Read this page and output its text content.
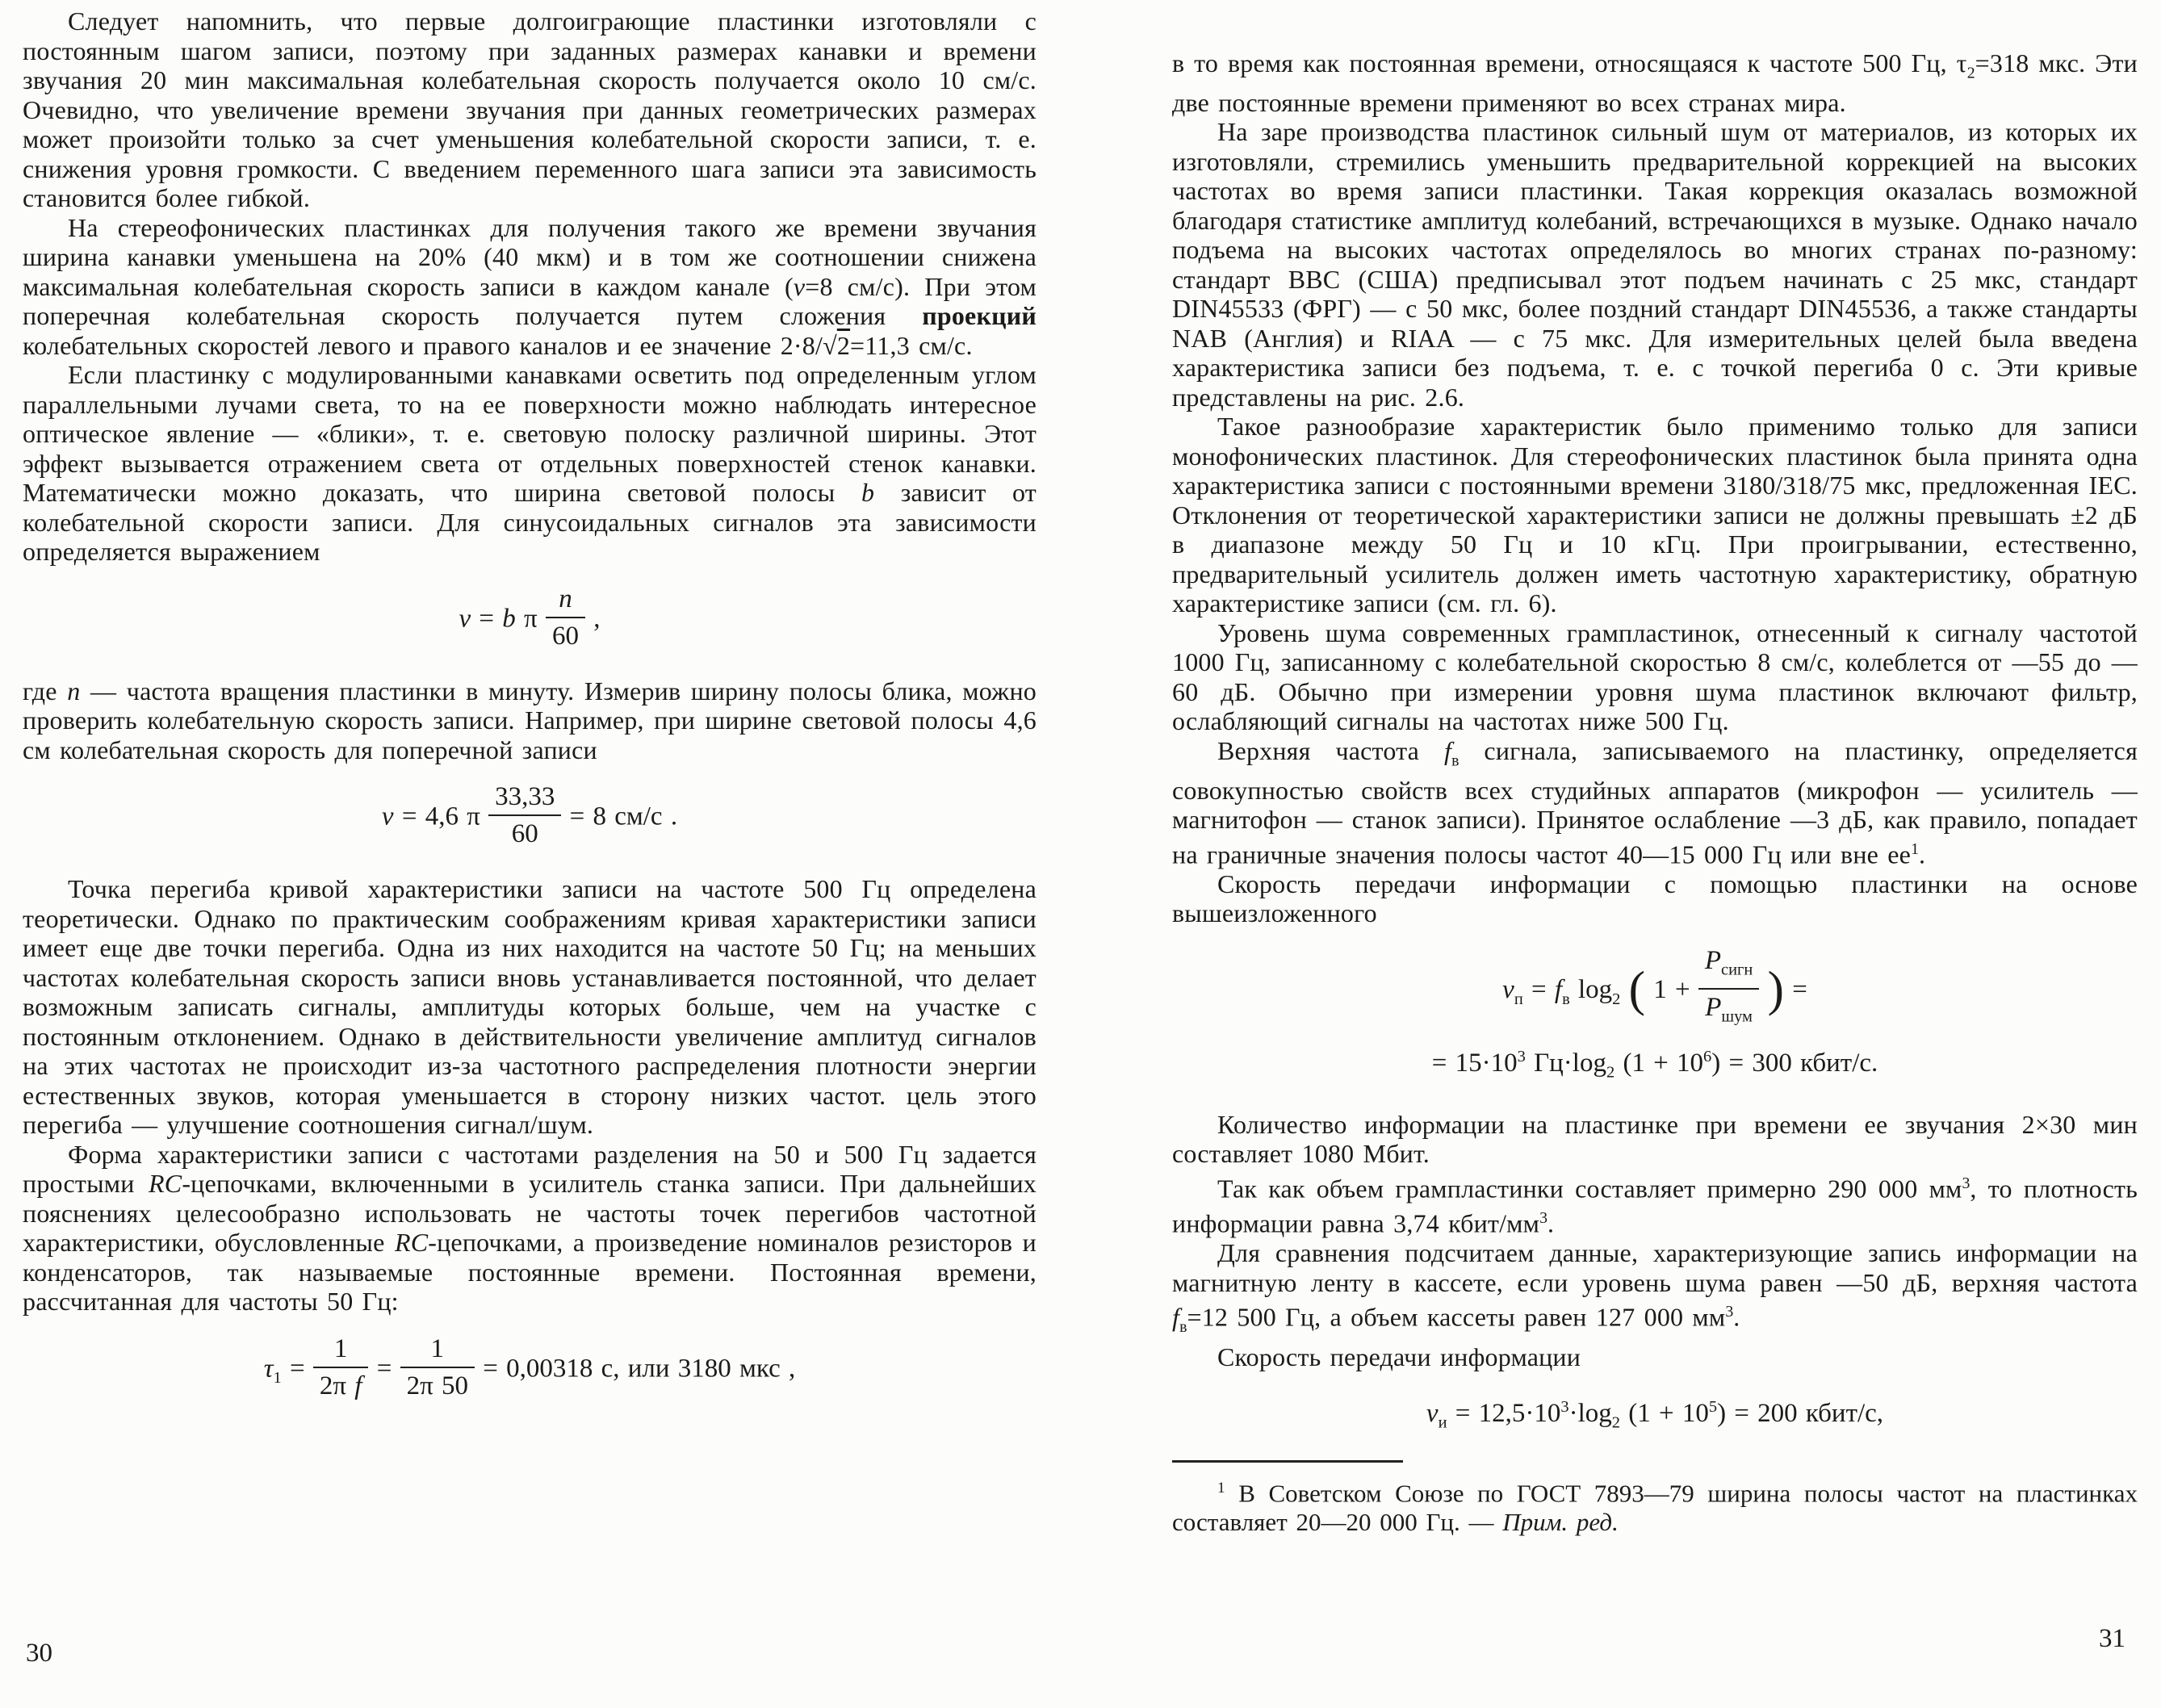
Следует напомнить, что первые долгоиграющие пластинки изготовляли с постоянным шагом записи, поэтому при заданных размерах канавки и времени звучания 20 мин максимальная колебательная скорость получается около 10 см/с. Очевидно, что увеличение времени звучания при данных геометрических размерах может произойти только за счет уменьшения колебательной скорости записи, т. е. снижения уровня громкости. С введением переменного шага записи эта зависимость становится более гибкой.

На стереофонических пластинках для получения такого же времени звучания ширина канавки уменьшена на 20% (40 мкм) и в том же соотношении снижена максимальная колебательная скорость записи в каждом канале (v=8 см/с). При этом поперечная колебательная скорость получается путем сложения проекций колебательных скоростей левого и правого каналов и ее значение 2·8/√2=11,3 см/с.

Если пластинку с модулированными канавками осветить под определенным углом параллельными лучами света, то на ее поверхности можно наблюдать интересное оптическое явление — «блики», т. е. световую полоску различной ширины. Этот эффект вызывается отражением света от отдельных поверхностей стенок канавки. Математически можно доказать, что ширина световой полосы b зависит от колебательной скорости записи. Для синусоидальных сигналов эта зависимости определяется выражением

v = b π $\frac{n}{60}$ ,

где n — частота вращения пластинки в минуту. Измерив ширину полосы блика, можно проверить колебательную скорость записи. Например, при ширине световой полосы 4,6 см колебательная скорость для поперечной записи

v = 4,6 π $\frac{33,33}{60} = 8$ см/с .

Точка перегиба кривой характеристики записи на частоте 500 Гц определена теоретически. Однако по практическим соображениям кривая характеристики записи имеет еще две точки перегиба. Одна из них находится на частоте 50 Гц; на меньших частотах колебательная скорость записи вновь устанавливается постоянной, что делает возможным записать сигналы, амплитуды которых больше, чем на участке с постоянным отклонением. Однако в действительности увеличение амплитуд сигналов на этих частотах не происходит из-за частотного распределения плотности энергии естественных звуков, которая уменьшается в сторону низких частот. цель этого перегиба — улучшение соотношения сигнал/шум.

Форма характеристики записи с частотами разделения на 50 и 500 Гц задается простыми RC-цепочками, включенными в усилитель станка записи. При дальнейших пояснениях целесообразно использовать не частоты точек перегибов частотной характеристики, обусловленные RC-цепочками, а произведение номиналов резисторов и конденсаторов, так называемые постоянные времени. Постоянная времени, рассчитанная для частоты 50 Гц:

$\tau_1 = \frac{1}{\text{2π f}} = \frac{1}{2\pi 50} = 0,00318$ с, или 3180 мкс ,

в то время как постоянная времени, относящаяся к частоте 500 Гц, $\tau_2=318$ мкс. Эти две постоянные времени применяют во всех странах мира.

На заре производства пластинок сильный шум от материалов, из которых их изготовляли, стремились уменьшить предварительной коррекцией на высоких частотах во время записи пластинки. Такая коррекция оказалась возможной благодаря статистике амплитуд колебаний, встречающихся в музыке. Однако начало подъема на высоких частотах определялось во многих странах по-разному: стандарт BBC (США) предписывал этот подъем начинать с 25 мкс, стандарт DIN45533 (ФРГ) — с 50 мкс, более поздний стандарт DIN45536, а также стандарты NAB (Англия) и RIAA — с 75 мкс. Для измерительных целей была введена характеристика записи без подъема, т. е. с точкой перегиба 0 с. Эти кривые представлены на рис. 2.6.

Такое разнообразие характеристик было применимо только для записи монофонических пластинок. Для стереофонических пластинок была принята одна характеристика записи с постоянными времени 3180/318/75 мкс, предложенная IEC. Отклонения от теоретической характеристики записи не должны превышать ±2 дБ в диапазоне между 50 Гц и 10 кГц. При проигрывании, естественно, предварительный усилитель должен иметь частотную характеристику, обратную характеристике записи (см. гл. 6).

Уровень шума современных грампластинок, отнесенный к сигналу частотой 1000 Гц, записанному с колебательной скоростью 8 см/с, колеблется от —55 до —60 дБ. Обычно при измерении уровня шума пластинок включают фильтр, ослабляющий сигналы на частотах ниже 500 Гц.

Верхняя частота $f_в$ сигнала, записываемого на пластинку, определяется совокупностью свойств всех студийных аппаратов (микрофон — усилитель — магнитофон — станок записи). Принятое ослабление —3 дБ, как правило, попадает на граничные значения полосы частот 40—15 000 Гц или вне $ее^1$.

Скорость передачи информации с помощью пластинки на основе вышеизложенного

$v_п = f_в$ $\log_2$ ( $1 + \frac{P_{сигн}}{P_{шум}}$ ) =
= $15\cdot 10^3$ $Гц\cdot\log_2$ $(1 + 10^6) = 300$ кбит/с.

Количество информации на пластинке при времени ее звучания 2×30 мин составляет 1080 Мбит.

Так как объем грампластинки составляет примерно 290 000 $мм^3$, то плотность информации равна 3,74 кбит/$мм^3$.

Для сравнения подсчитаем данные, характеризующие запись информации на магнитную ленту в кассете, если уровень шума равен —50 дБ, верхняя частота $f_в=12$ 500 Гц, а объем кассеты равен 127 000 $мм^3$.

Скорость передачи информации

$v_и = 12,5\cdot 10^3\cdot\log_2$ $(1 + 10^5) = 200$ кбит/с,

$^1$ В Советском Союзе по ГОСТ 7893—79 ширина полосы частот на пластинках составляет 20—20 000 Гц. — Прим. ред.

30	31
